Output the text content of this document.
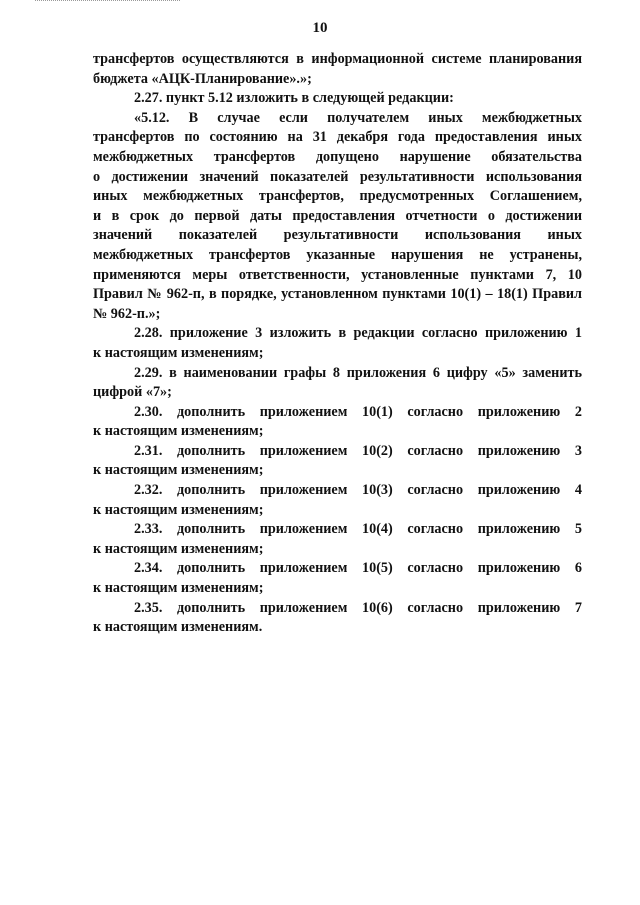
10

трансфертов осуществляются в информационной системе планирования

бюджета «АЦК-Планирование».»;

2.27. пункт 5.12 изложить в следующей редакции:

«5.12. В случае если получателем иных межбюджетных

трансфертов по состоянию на 31 декабря года предоставления иных

межбюджетных трансфертов допущено нарушение обязательства

о достижении значений показателей результативности использования

иных межбюджетных трансфертов, предусмотренных Соглашением,

и в срок до первой даты предоставления отчетности о достижении

значений показателей результативности использования иных

межбюджетных трансфертов указанные нарушения не устранены,

применяются меры ответственности, установленные пунктами 7, 10

Правил № 962-п, в порядке, установленном пунктами 10(1) – 18(1) Правил

№ 962-п.»;

2.28. приложение 3 изложить в редакции согласно приложению 1

к настоящим изменениям;

2.29. в наименовании графы 8 приложения 6 цифру «5» заменить

цифрой «7»;

2.30. дополнить приложением 10(1) согласно приложению 2
к настоящим изменениям;
2.31. дополнить приложением 10(2) согласно приложению 3
к настоящим изменениям;
2.32. дополнить приложением 10(3) согласно приложению 4
к настоящим изменениям;
2.33. дополнить приложением 10(4) согласно приложению 5
к настоящим изменениям;
2.34. дополнить приложением 10(5) согласно приложению 6
к настоящим изменениям;
2.35. дополнить приложением 10(6) согласно приложению 7
к настоящим изменениям.
